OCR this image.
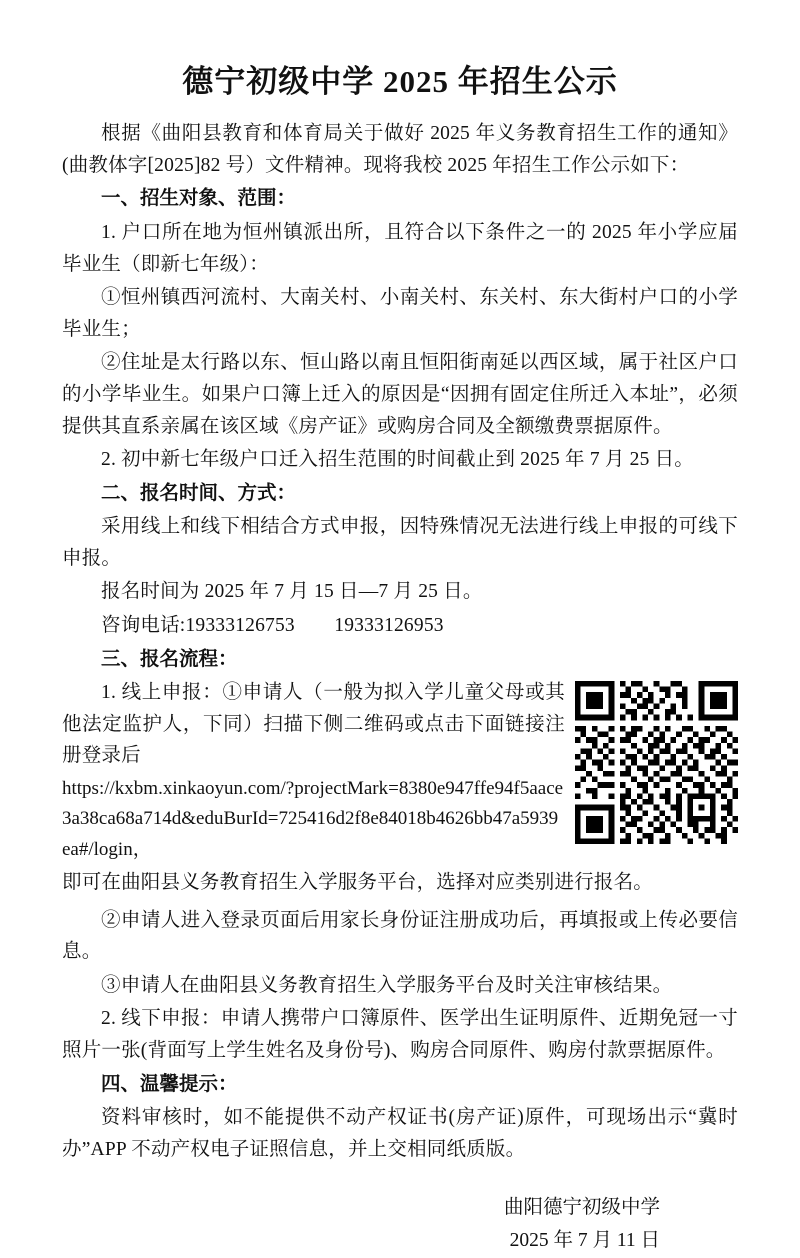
德宁初级中学 2025 年招生公示

根据《曲阳县教育和体育局关于做好 2025 年义务教育招生工作的通知》(曲教体字[2025]82 号）文件精神。现将我校 2025 年招生工作公示如下：

一、招生对象、范围：

1. 户口所在地为恒州镇派出所，且符合以下条件之一的 2025 年小学应届毕业生（即新七年级）：

①恒州镇西河流村、大南关村、小南关村、东关村、东大街村户口的小学毕业生；

②住址是太行路以东、恒山路以南且恒阳街南延以西区域，属于社区户口的小学毕业生。如果户口簿上迁入的原因是“因拥有固定住所迁入本址”，必须提供其直系亲属在该区域《房产证》或购房合同及全额缴费票据原件。

2. 初中新七年级户口迁入招生范围的时间截止到 2025 年 7 月 25 日。

二、报名时间、方式：

采用线上和线下相结合方式申报，因特殊情况无法进行线上申报的可线下申报。

报名时间为 2025 年 7 月 15 日—7 月 25 日。

咨询电话:19333126753　　19333126953

三、报名流程：

1. 线上申报：①申请人（一般为拟入学儿童父母或其他法定监护人，下同）扫描下侧二维码或点击下面链接注册登录后

https://kxbm.xinkaoyun.com/?projectMark=8380e947ffe94f5aace3a38ca68a714d&eduBurId=725416d2f8e84018b4626bb47a5939ea#/login，

即可在曲阳县义务教育招生入学服务平台，选择对应类别进行报名。

②申请人进入登录页面后用家长身份证注册成功后，再填报或上传必要信息。

③申请人在曲阳县义务教育招生入学服务平台及时关注审核结果。

2. 线下申报：申请人携带户口簿原件、医学出生证明原件、近期免冠一寸照片一张(背面写上学生姓名及身份号)、购房合同原件、购房付款票据原件。

四、温馨提示：

资料审核时，如不能提供不动产权证书(房产证)原件，可现场出示“冀时办”APP 不动产权电子证照信息，并上交相同纸质版。

曲阳德宁初级中学
2025 年 7 月 11 日
